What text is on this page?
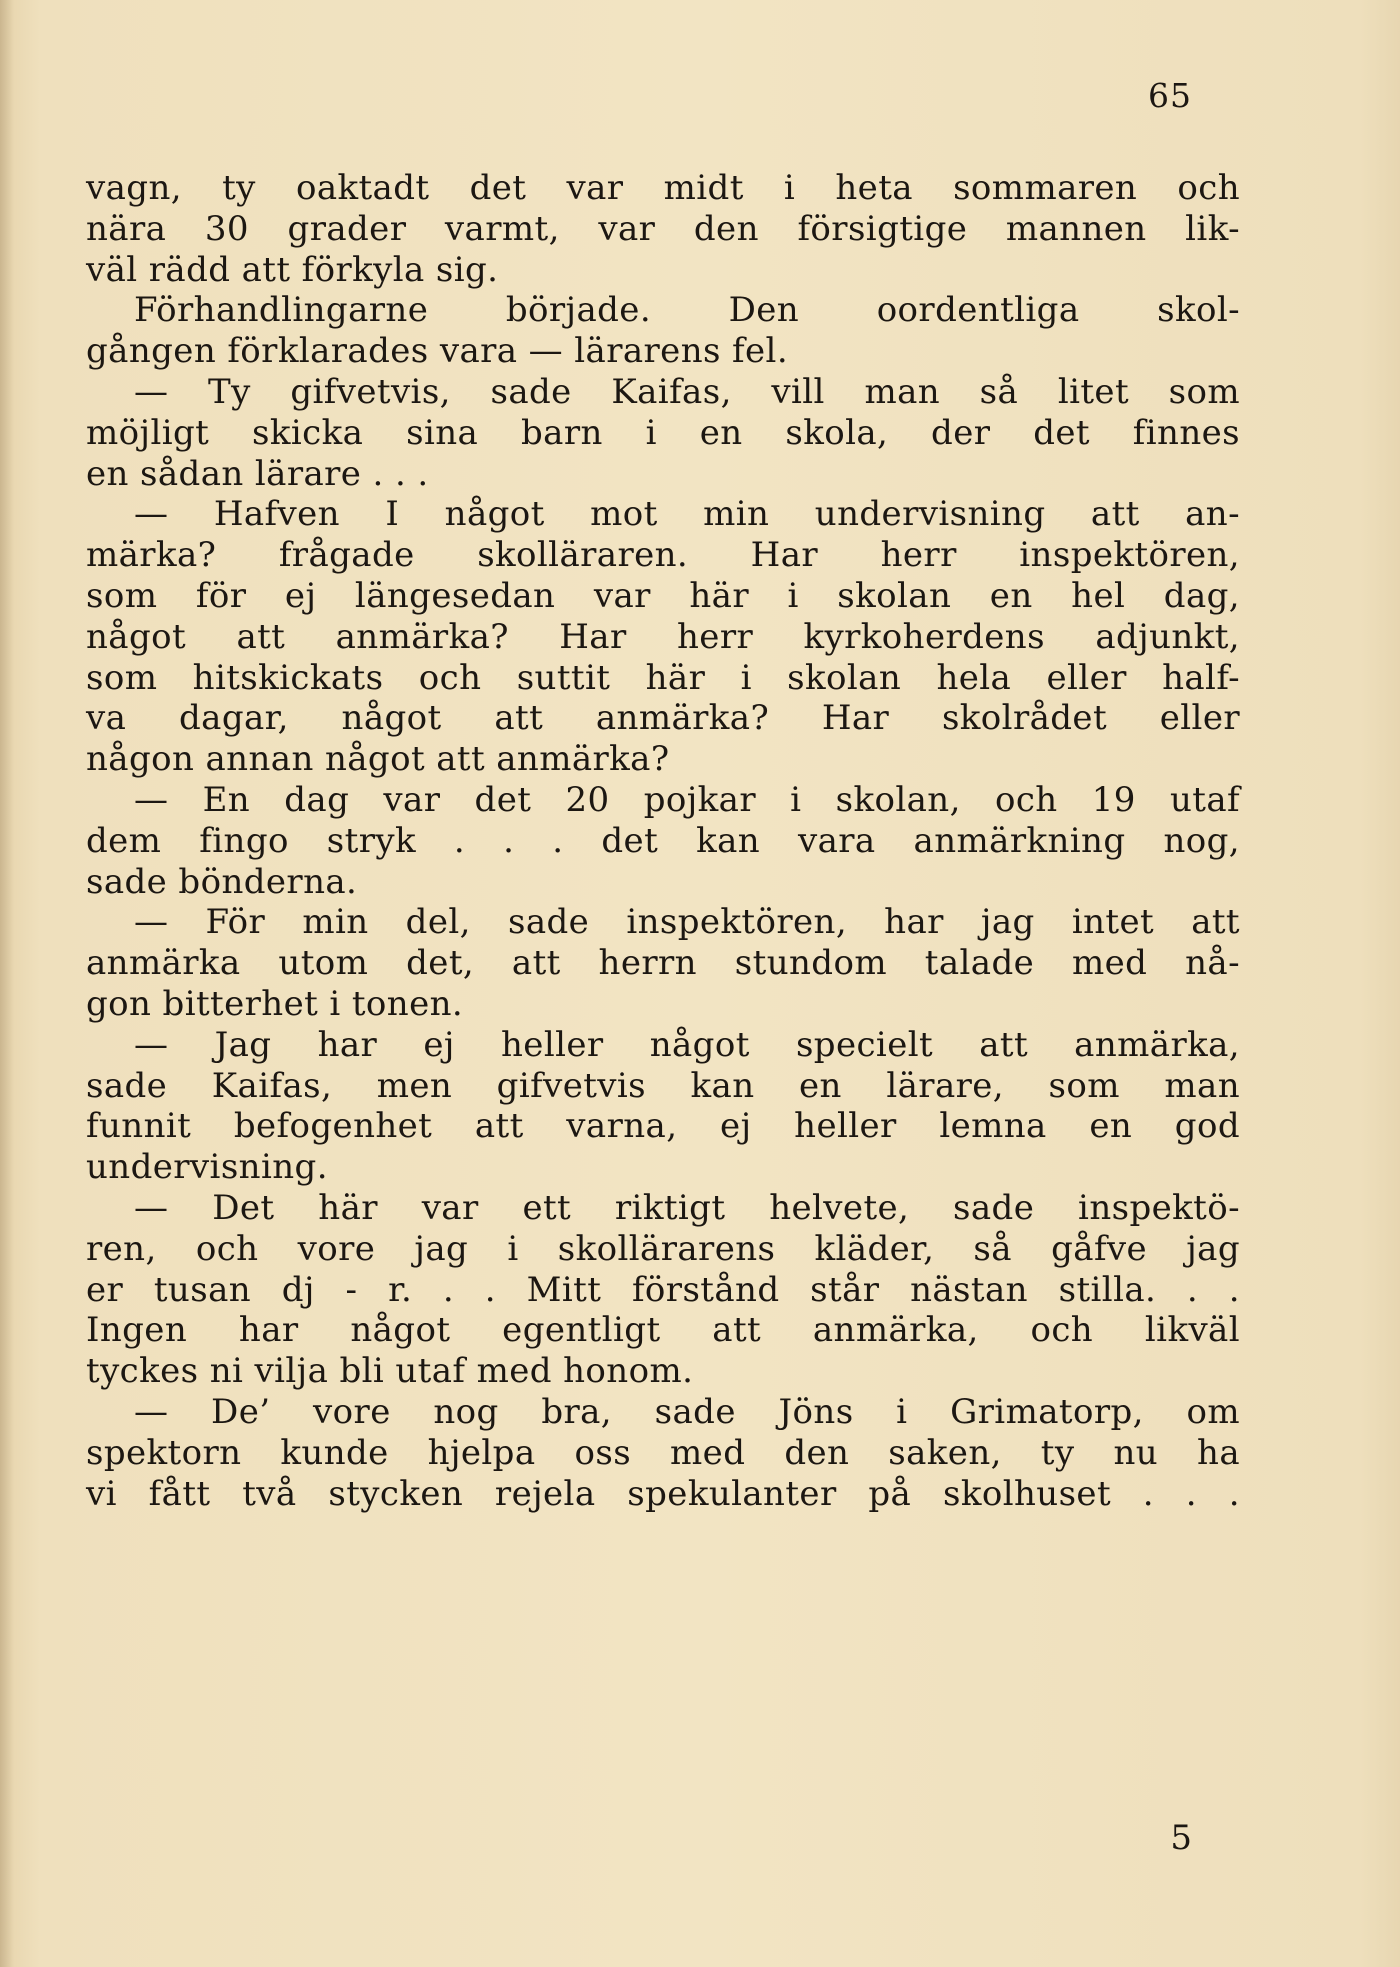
65
vagn, ty oaktadt det var midt i heta sommaren och
nära 30 grader varmt, var den försigtige mannen lik-
väl rädd att förkyla sig.
Förhandlingarne började. Den oordentliga skol-
gången förklarades vara — lärarens fel.
— Ty gifvetvis, sade Kaifas, vill man så litet som
möjligt skicka sina barn i en skola, der det finnes
en sådan lärare . . .
— Hafven I något mot min undervisning att an-
märka? frågade skolläraren. Har herr inspektören,
som för ej längesedan var här i skolan en hel dag,
något att anmärka? Har herr kyrkoherdens adjunkt,
som hitskickats och suttit här i skolan hela eller half-
va dagar, något att anmärka? Har skolrådet eller
någon annan något att anmärka?
— En dag var det 20 pojkar i skolan, och 19 utaf
dem fingo stryk . . . det kan vara anmärkning nog,
sade bönderna.
— För min del, sade inspektören, har jag intet att
anmärka utom det, att herrn stundom talade med nå-
gon bitterhet i tonen.
— Jag har ej heller något specielt att anmärka,
sade Kaifas, men gifvetvis kan en lärare, som man
funnit befogenhet att varna, ej heller lemna en god
undervisning.
— Det här var ett riktigt helvete, sade inspektö-
ren, och vore jag i skollärarens kläder, så gåfve jag
er tusan dj - r. . . Mitt förstånd står nästan stilla. . .
Ingen har något egentligt att anmärka, och likväl
tyckes ni vilja bli utaf med honom.
— De’ vore nog bra, sade Jöns i Grimatorp, om
spektorn kunde hjelpa oss med den saken, ty nu ha
vi fått två stycken rejela spekulanter på skolhuset . . .
5
